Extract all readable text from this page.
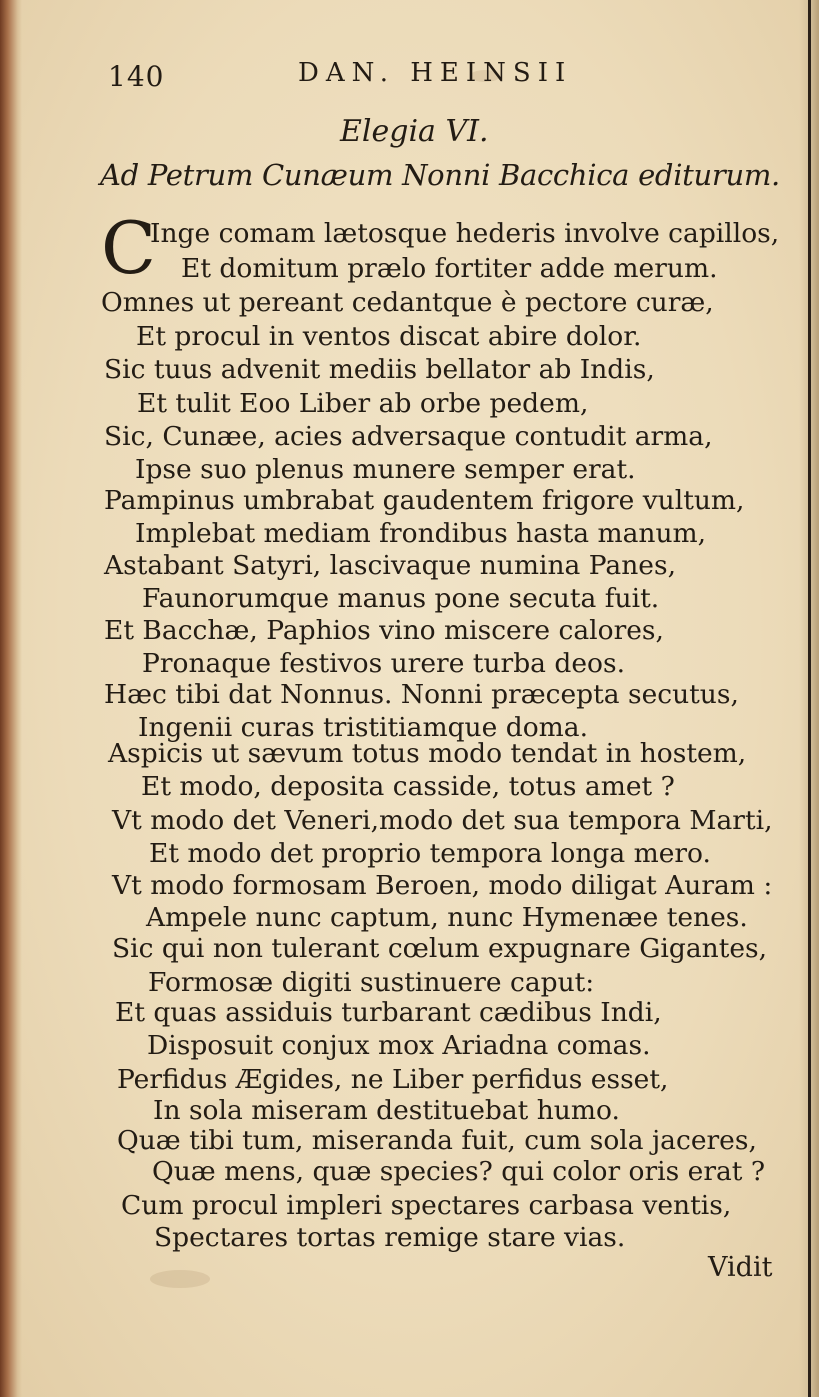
140	DAN. HEINSII
Elegia VI.
Ad Petrum Cunæum Nonni Bacchica editurum.
C
Inge comam lætosque hederis involve capillos,
Et domitum prælo fortiter adde merum.
Omnes ut pereant cedantque è pectore curæ,
Et procul in ventos discat abire dolor.
Sic tuus advenit mediis bellator ab Indis,
Et tulit Eoo Liber ab orbe pedem,
Sic, Cunæe, acies adversaque contudit arma,
Ipse suo plenus munere semper erat.
Pampinus umbrabat gaudentem frigore vultum,
Implebat mediam frondibus hasta manum,
Astabant Satyri, lascivaque numina Panes,
Faunorumque manus pone secuta fuit.
Et Bacchæ, Paphios vino miscere calores,
Pronaque festivos urere turba deos.
Hæc tibi dat Nonnus. Nonni præcepta secutus,
Ingenii curas tristitiamque doma.
Aspicis ut sævum totus modo tendat in hostem,
Et modo, deposita casside, totus amet ?
Vt modo det Veneri,modo det sua tempora Marti,
Et modo det proprio tempora longa mero.
Vt modo formosam Beroen, modo diligat Auram :
Ampele nunc captum, nunc Hymenæe tenes.
Sic qui non tulerant cœlum expugnare Gigantes,
Formosæ digiti sustinuere caput:
Et quas assiduis turbarant cædibus Indi,
Disposuit conjux mox Ariadna comas.
Perfidus Ægides, ne Liber perfidus esset,
In sola miseram destituebat humo.
Quæ tibi tum, miseranda fuit, cum sola jaceres,
Quæ mens, quæ species? qui color oris erat ?
Cum procul impleri spectares carbasa ventis,
Spectares tortas remige stare vias.
Vidit
